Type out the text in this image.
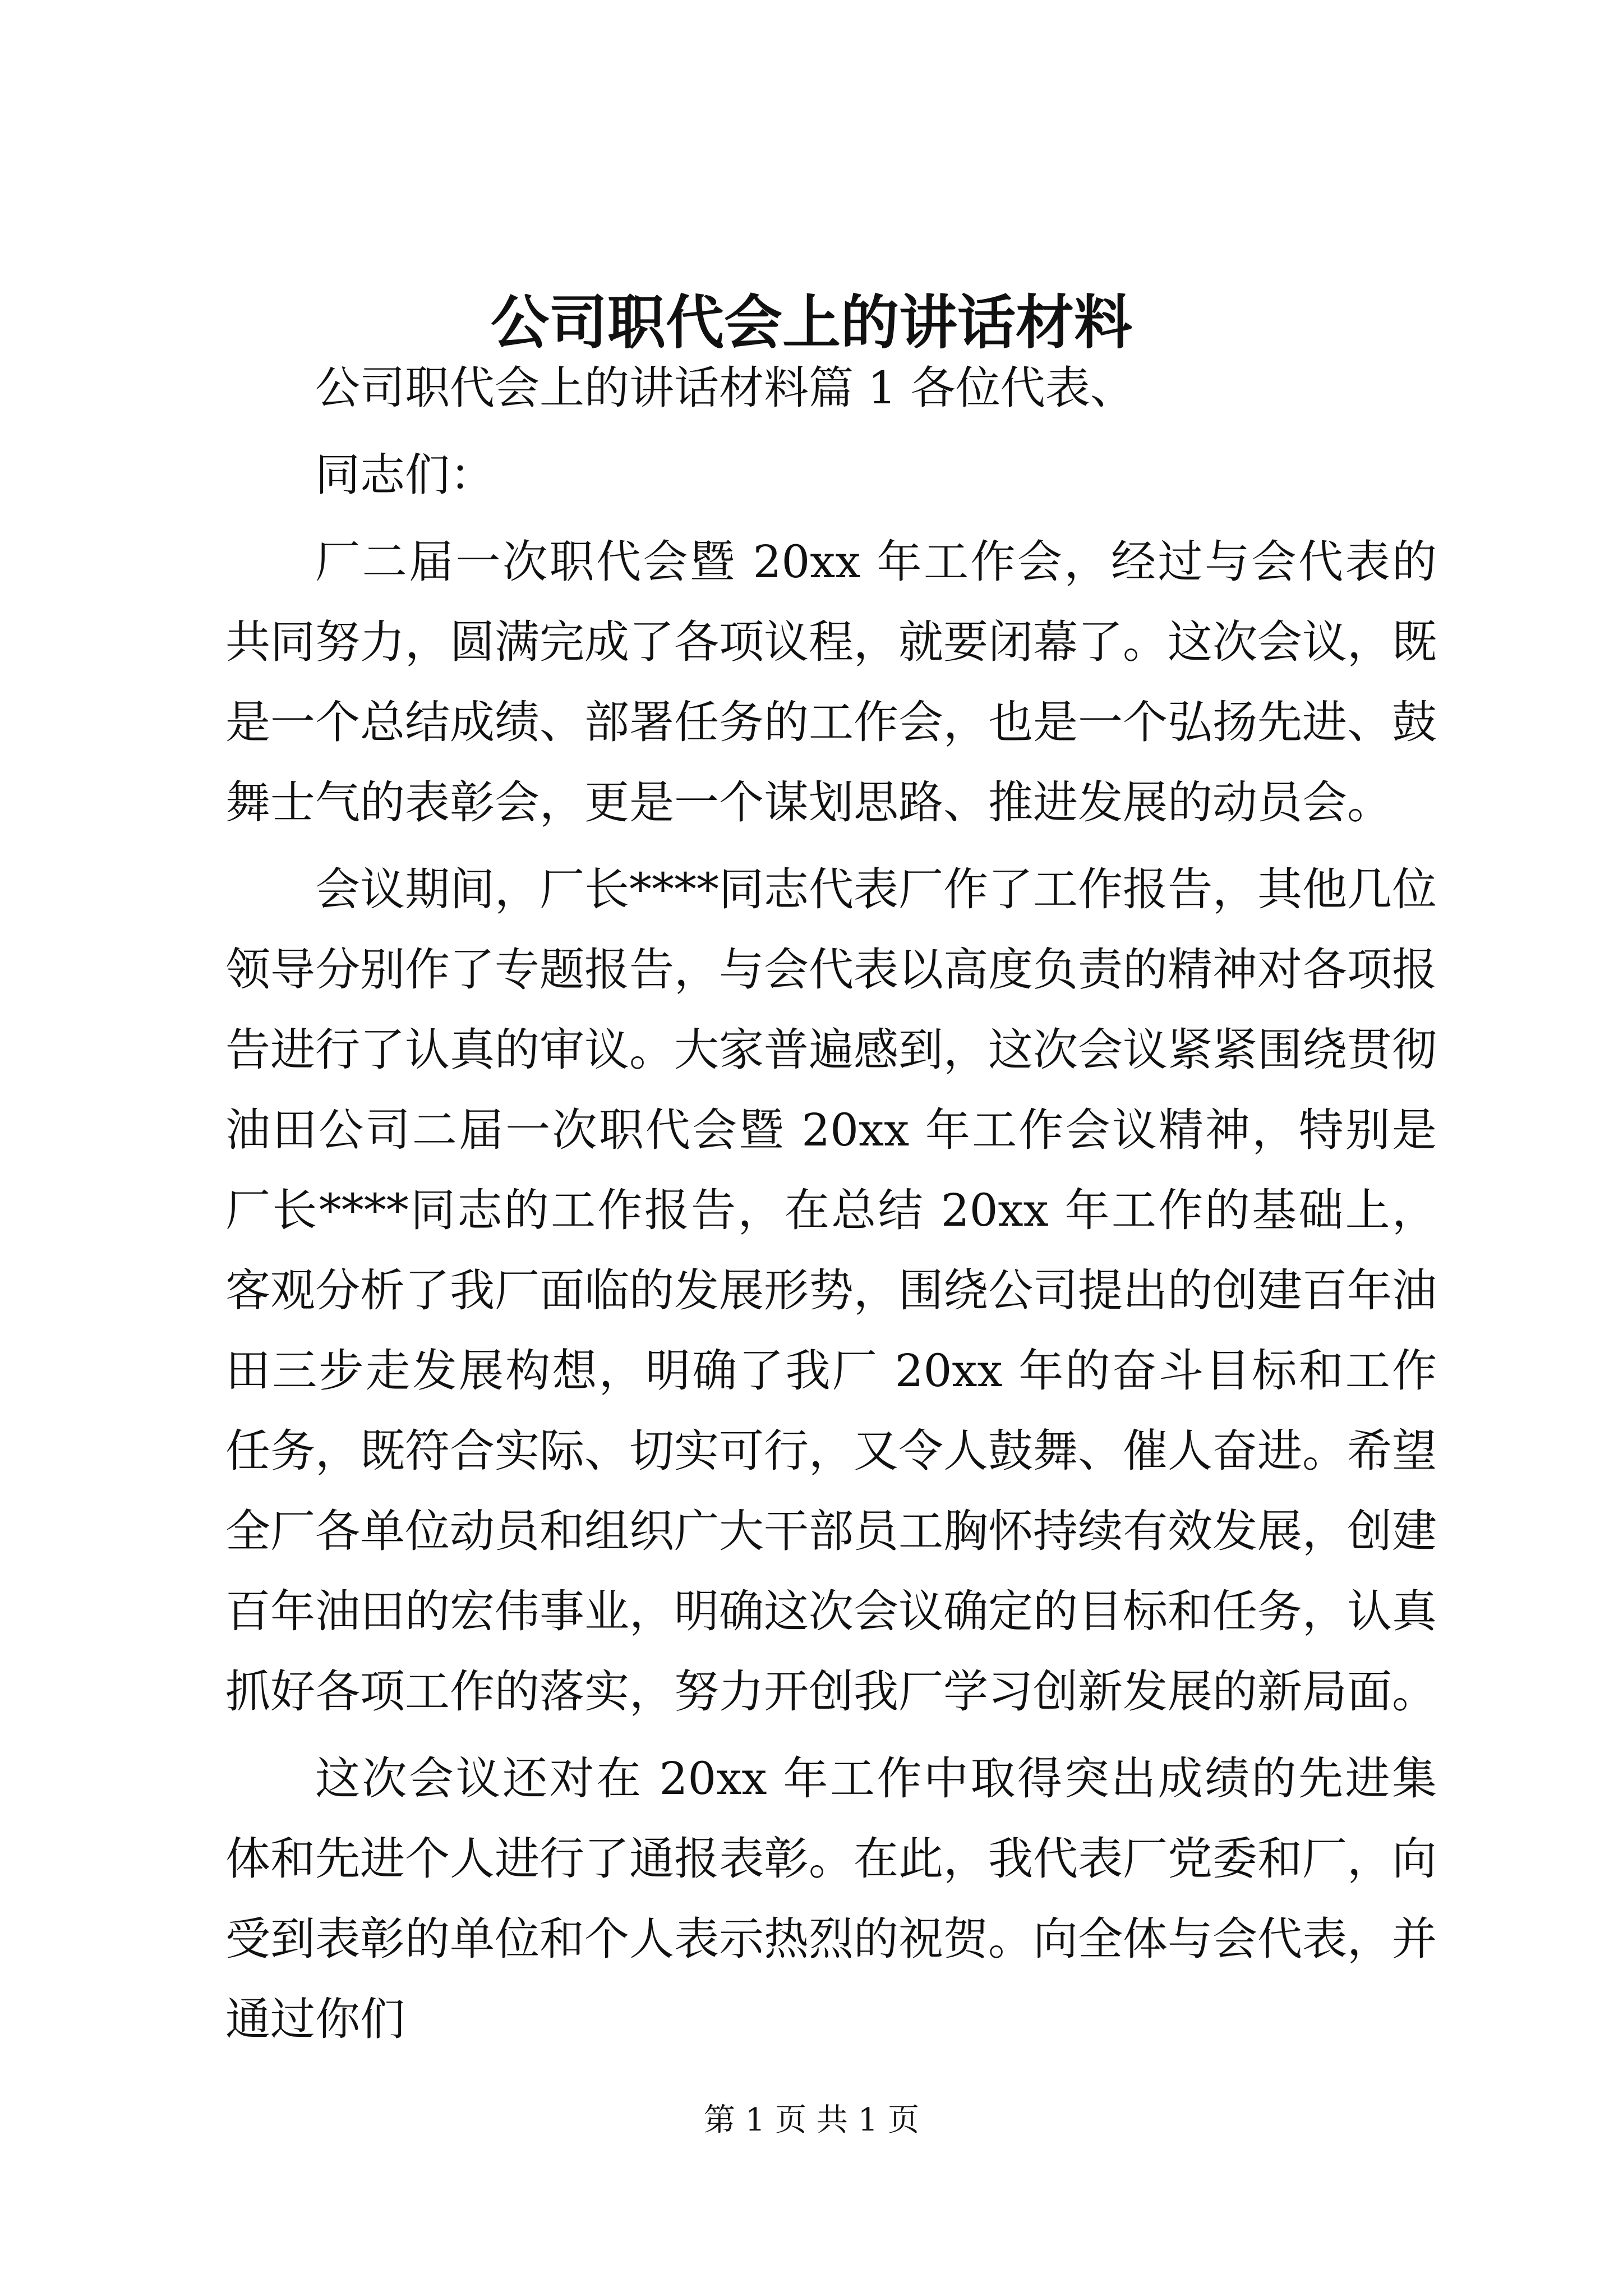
公司职代会上的讲话材料

公司职代会上的讲话材料篇 1 各位代表、

同志们：

厂二届一次职代会暨 20xx 年工作会，经过与会代表的共同努力，圆满完成了各项议程，就要闭幕了。这次会议，既是一个总结成绩、部署任务的工作会，也是一个弘扬先进、鼓舞士气的表彰会，更是一个谋划思路、推进发展的动员会。

会议期间，厂长****同志代表厂作了工作报告，其他几位领导分别作了专题报告，与会代表以高度负责的精神对各项报告进行了认真的审议。大家普遍感到，这次会议紧紧围绕贯彻油田公司二届一次职代会暨 20xx 年工作会议精神，特别是厂长****同志的工作报告，在总结 20xx 年工作的基础上，客观分析了我厂面临的发展形势，围绕公司提出的创建百年油田三步走发展构想，明确了我厂 20xx 年的奋斗目标和工作任务，既符合实际、切实可行，又令人鼓舞、催人奋进。希望全厂各单位动员和组织广大干部员工胸怀持续有效发展，创建百年油田的宏伟事业，明确这次会议确定的目标和任务，认真抓好各项工作的落实，努力开创我厂学习创新发展的新局面。

这次会议还对在 20xx 年工作中取得突出成绩的先进集体和先进个人进行了通报表彰。在此，我代表厂党委和厂，向受到表彰的单位和个人表示热烈的祝贺。向全体与会代表，并通过你们

第 1 页 共 1 页
